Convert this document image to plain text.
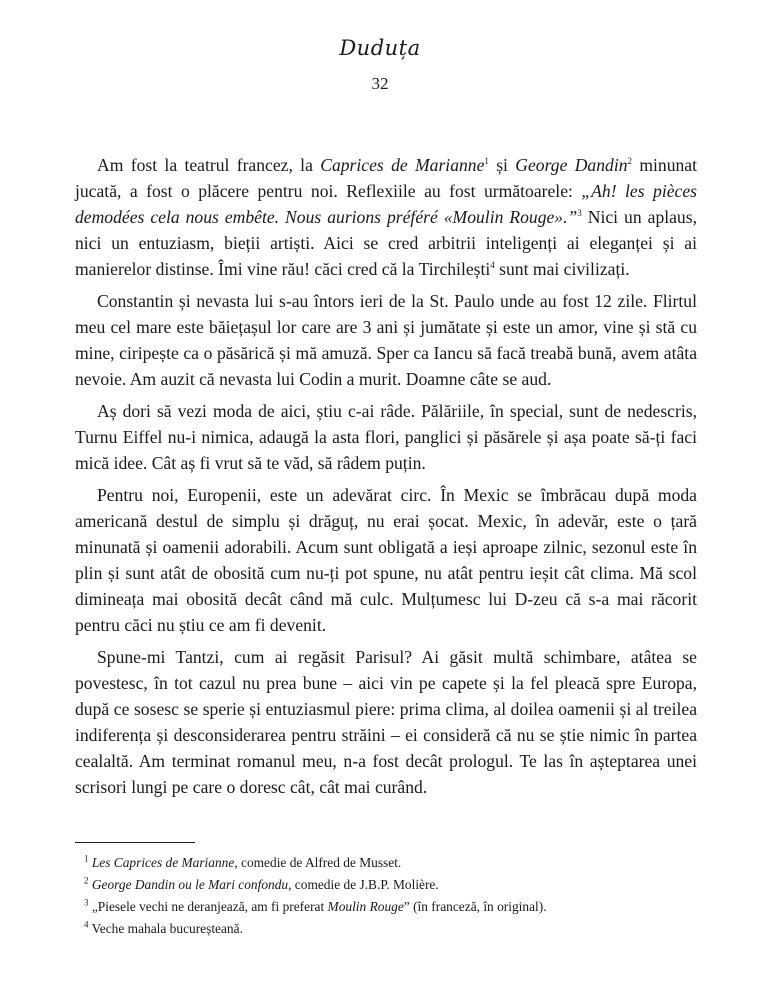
Duduța
32

Am fost la teatrul francez, la Caprices de Marianne$^1$ și George Dandin$^2$ minunat jucată, a fost o plăcere pentru noi. Reflexiile au fost următoarele: „Ah! les pièces demodées cela nous embête. Nous aurions préféré «Moulin Rouge».”$^3$ Nici un aplaus, nici un entuziasm, bieții artiști. Aici se cred arbitrii inteligenți ai eleganței și ai manierelor distinse. Îmi vine rău! căci cred că la Tirchilești$^4$ sunt mai civilizați.

Constantin și nevasta lui s-au întors ieri de la St. Paulo unde au fost 12 zile. Flirtul meu cel mare este băiețașul lor care are 3 ani și jumătate și este un amor, vine și stă cu mine, ciripește ca o păsărică și mă amuză. Sper ca Iancu să facă treabă bună, avem atâta nevoie. Am auzit că nevasta lui Codin a murit. Doamne câte se aud.

Aș dori să vezi moda de aici, știu c-ai râde. Pălăriile, în special, sunt de nedescris, Turnu Eiffel nu-i nimica, adaugă la asta flori, panglici și păsărele și așa poate să-ți faci mică idee. Cât aș fi vrut să te văd, să râdem puțin.

Pentru noi, Europenii, este un adevărat circ. În Mexic se îmbrăcau după moda americană destul de simplu și drăguț, nu erai șocat. Mexic, în adevăr, este o țară minunată și oamenii adorabili. Acum sunt obligată a ieși aproape zilnic, sezonul este în plin și sunt atât de obosită cum nu-ți pot spune, nu atât pentru ieșit cât clima. Mă scol dimineața mai obosită decât când mă culc. Mulțumesc lui D-zeu că s-a mai răcorit pentru căci nu știu ce am fi devenit.

Spune-mi Tantzi, cum ai regăsit Parisul? Ai găsit multă schimbare, atâtea se povestesc, în tot cazul nu prea bune – aici vin pe capete și la fel pleacă spre Europa, după ce sosesc se sperie și entuziasmul piere: prima clima, al doilea oamenii și al treilea indiferența și desconsiderarea pentru străini – ei consideră că nu se știe nimic în partea cealaltă. Am terminat romanul meu, n-a fost decât prologul. Te las în așteptarea unei scrisori lungi pe care o doresc cât, cât mai curând.

$^1$ Les Caprices de Marianne, comedie de Alfred de Musset.
$^2$ George Dandin ou le Mari confondu, comedie de J.B.P. Molière.
$^3$ „Piesele vechi ne deranjează, am fi preferat Moulin Rouge” (în franceză, în original).
$^4$ Veche mahala bucureșteană.
